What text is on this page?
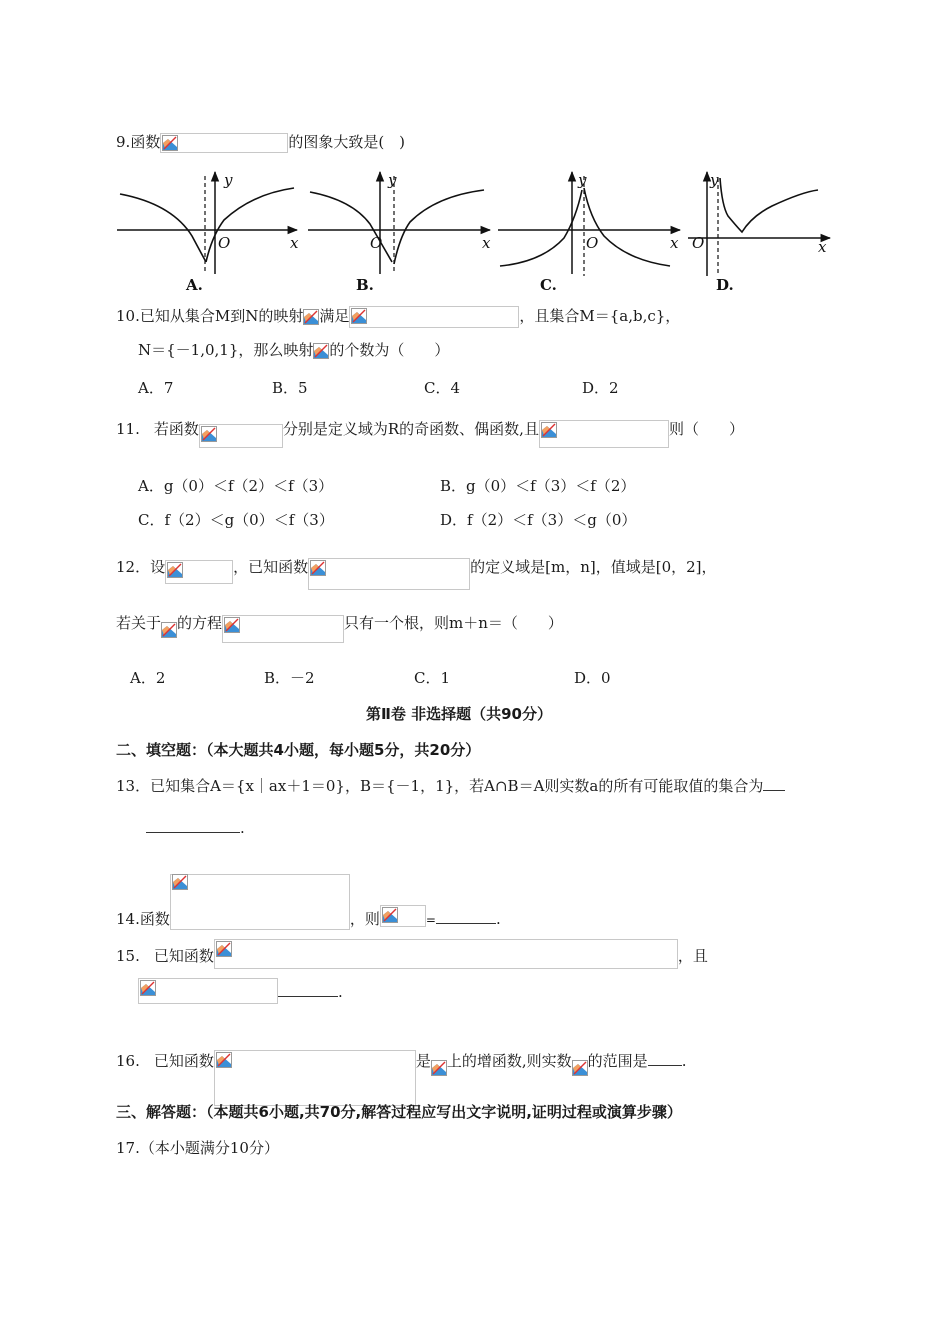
9.函数	的图象大致是(　)
y
O	x
A.
y
O	x
B.
y
O	x
C.
y
O	x
D.
10.已知从集合M到N的映射 满足	，且集合M＝{a,b,c}，
N＝{－1,0,1}，那么映射 的个数为（　　）
A．7	B．5	C．4	D．2
11. 若函数	分别是定义域为R的奇函数、偶函数,且	则（　　）
A．g（0）＜f（2）＜f（3）	B．g（0）＜f（3）＜f（2）
C．f（2）＜g（0）＜f（3）	D．f（2）＜f（3）＜g（0）
12．设	，已知函数	的定义域是[m，n]，值域是[0，2]，
若关于 的方程	只有一个根，则m＋n＝（　　）
A．2	B．－2	C．1	D．0
第Ⅱ卷 非选择题（共90分）
二、填空题：（本大题共4小题，每小题5分，共20分）
13．已知集合A＝{x｜ax＋1＝0}，B＝{－1，1}，若A∩B＝A则实数a的所有可能取值的集合为
.
14.函数	，则	=	.
15. 已知函数	，且
.
16. 已知函数	是 上的增函数,则实数 的范围是 .
三、解答题：（本题共6小题,共70分,解答过程应写出文字说明,证明过程或演算步骤）
17.（本小题满分10分）
